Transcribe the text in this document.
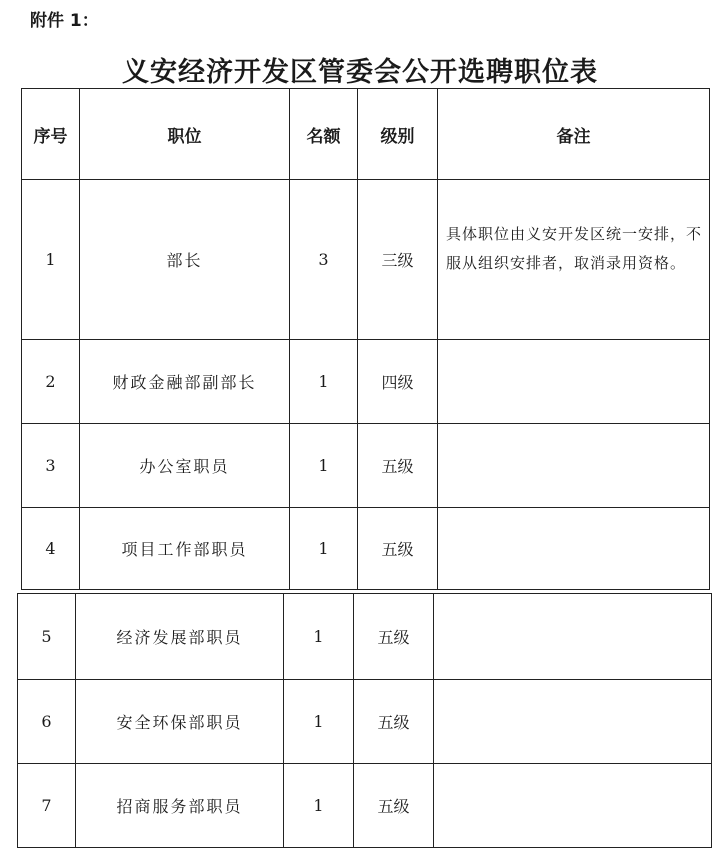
附件 1：
义安经济开发区管委会公开选聘职位表
序号	职位	名额	级别	备注
1	部长	3	三级	具体职位由义安开发区统一安排，不服从组织安排者，取消录用资格。
2	财政金融部副部长	1	四级	
3	办公室职员	1	五级	
4	项目工作部职员	1	五级	
5	经济发展部职员	1	五级	
6	安全环保部职员	1	五级	
7	招商服务部职员	1	五级	
